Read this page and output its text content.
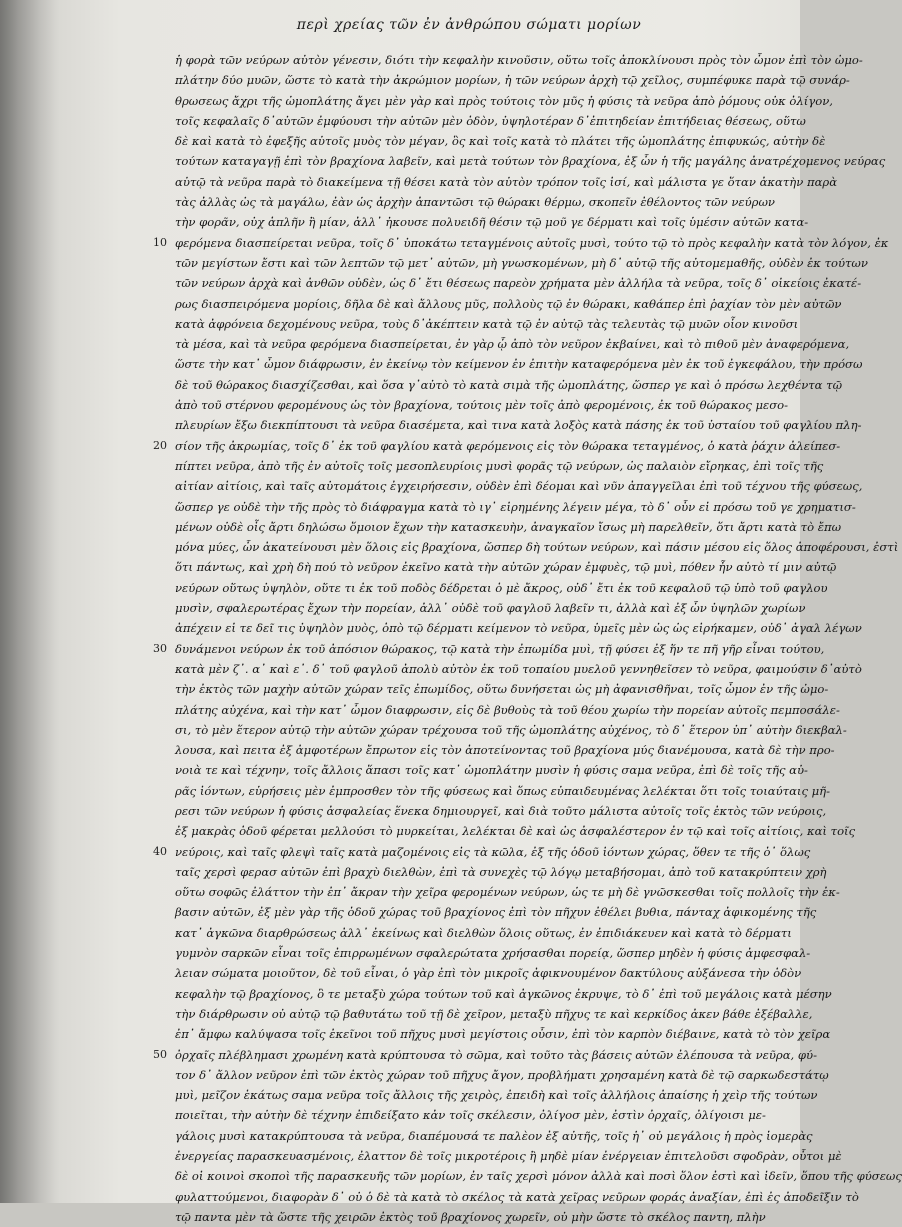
περὶ χρείας τῶν ἐν ἀνθρώπου σώματι μορίων
ἡ φορὰ τῶν νεύρων αὐτὸν γένεσιν, διότι τὴν κεφαλὴν κινοῦσιν, οὕτω τοῖς ἀποκλίνουσι πρὸς τὸν ὦμον ἐπὶ τὸν ὠμο-
πλάτην δύο μυῶν, ὥστε τὸ κατὰ τὴν ἀκρώμιον μορίων, ἡ τῶν νεύρων ἀρχὴ τῷ χεῖλος, συμπέφυκε παρὰ τῷ συνάρ-
θρωσεως ἄχρι τῆς ὠμοπλάτης ἄγει μὲν γὰρ καὶ πρὸς τούτοις τὸν μῦς ἡ φύσις τὰ νεῦρα ἀπὸ ῥόμους οὐκ ὀλίγον,
τοῖς κεφαλαῖς δ᾽αὐτῶν ἐμφύουσι τὴν αὐτῶν μὲν ὁδὸν, ὑψηλοτέραν δ᾽ἐπιτηδείαν ἐπιτήδειας θέσεως, οὕτω
δὲ καὶ κατὰ τὸ ἐφεξῆς αὐτοῖς μυὸς τὸν μέγαν, ὃς καὶ τοῖς κατὰ τὸ πλάτει τῆς ὠμοπλάτης ἐπιφυκώς, αὐτὴν δὲ
τούτων καταγαγῇ ἐπὶ τὸν βραχίονα λαβεῖν, καὶ μετὰ τούτων τὸν βραχίονα, ἐξ ὧν ἡ τῆς μαγάλης ἀνατρέχομενος νεύρας
αὐτῷ τὰ νεῦρα παρὰ τὸ διακείμενα τῇ θέσει κατὰ τὸν αὐτὸν τρόπον τοῖς ἰσί, καὶ μάλιστα γε ὅταν ἀκατὴν παρὰ
τὰς ἀλλὰς ὡς τὰ μαγάλω, ἐὰν ὡς ἀρχὴν ἀπαντῶσι τῷ θώρακι θέρμω, σκοπεῖν ἐθέλοντος τῶν νεύρων
τὴν φορᾶν, οὐχ ἁπλῆν ἢ μίαν, ἀλλ᾽ ἠκουσε πολυειδῆ θέσιν τῷ μοῦ γε δέρματι καὶ τοῖς ὑμέσιν αὐτῶν κατα-
10 φερόμενα διασπείρεται νεῦρα, τοῖς δ᾽ ὑποκάτω τεταγμένοις αὐτοῖς μυσὶ, τούτο τῷ τὸ πρὸς κεφαλὴν κατὰ τὸν λόγον, ἐκ
τῶν μεγίστων ἔστι καὶ τῶν λεπτῶν τῷ μετ᾽ αὐτῶν, μὴ γνωσκομένων, μὴ δ᾽ αὐτῷ τῆς αὐτομεμαθῆς, οὐδὲν ἐκ τούτων
τῶν νεύρων ἀρχὰ καὶ ἀνθῶν οὐδὲν, ὡς δ᾽ ἔτι θέσεως παρεὸν χρήματα μὲν ἀλλήλα τὰ νεῦρα, τοῖς δ᾽ οἰκείοις ἐκατέ-
ρως διασπειρόμενα μορίοις, δῆλα δὲ καὶ ἄλλους μῦς, πολλοὺς τῷ ἐν θώρακι, καθάπερ ἐπὶ ῥαχίαν τὸν μὲν αὐτῶν
κατὰ ἀφρόνεια δεχομένους νεῦρα, τοὺς δ᾽ἀκέπτειν κατὰ τῷ ἐν αὐτῷ τὰς τελευτὰς τῷ μυῶν οἷον κινοῦσι
τὰ μέσα, καὶ τὰ νεῦρα φερόμενα διασπείρεται, ἐν γὰρ ᾧ ἀπὸ τὸν νεῦρον ἐκβαίνει, καὶ τὸ πιθοῦ μὲν ἀναφερόμενα,
ὥστε τὴν κατ᾽ ὦμον διάφρωσιν, ἐν ἐκείνῳ τὸν κείμενον ἐν ἐπιτὴν καταφερόμενα μὲν ἐκ τοῦ ἐγκεφάλου, τὴν πρόσω
δὲ τοῦ θώρακος διασχίζεσθαι, καὶ ὅσα γ᾽αὐτὸ τὸ κατὰ σιμὰ τῆς ὠμοπλάτης, ὥσπερ γε καὶ ὁ πρόσω λεχθέντα τῷ
ἀπὸ τοῦ στέρνου φερομένους ὡς τὸν βραχίονα, τούτοις μὲν τοῖς ἀπὸ φερομένοις, ἐκ τοῦ θώρακος μεσο-
πλευρίων ἔξω διεκπίπτουσι τὰ νεῦρα διασέμετα, καὶ τινα κατὰ λοξὸς κατὰ πάσης ἐκ τοῦ ὑσταίου τοῦ φαγλίου πλη-
20 σίον τῆς ἀκρωμίας, τοῖς δ᾽ ἐκ τοῦ φαγλίου κατὰ φερόμενοις εἰς τὸν θώρακα τεταγμένος, ὁ κατὰ ῥάχιν ἀλείπεσ-
πίπτει νεῦρα, ἀπὸ τῆς ἐν αὐτοῖς τοῖς μεσοπλευρίοις μυσὶ φορᾶς τῷ νεύρων, ὡς παλαιὸν εἴρηκας, ἐπὶ τοῖς τῆς
αἰτίαν αἰτίοις, καὶ ταῖς αὐτομάτοις ἐγχειρήσεσιν, οὐδὲν ἐπὶ δέομαι καὶ νῦν ἀπαγγεῖλαι ἐπὶ τοῦ τέχνου τῆς φύσεως,
ὥσπερ γε οὐδὲ τὴν τῆς πρὸς τὸ διάφραγμα κατὰ τὸ ιγ᾽ εἰρημένης λέγειν μέγα, τὸ δ᾽ οὖν εἰ πρόσω τοῦ γε χρηματισ-
μένων οὐδὲ οἷς ἄρτι δηλώσω ὅμοιον ἔχων τὴν κατασκευὴν, ἀναγκαῖον ἴσως μὴ παρελθεῖν, ὅτι ἄρτι κατὰ τὸ ἔπω
μόνα μύες, ὧν ἀκατείνουσι μὲν ὅλοις εἰς βραχίονα, ὥσπερ δὴ τούτων νεύρων, καὶ πάσιν μέσου εἰς ὅλος ἀποφέρουσι, ἐστὶ
ὅτι πάντως, καὶ χρὴ δὴ πού τὸ νεῦρον ἐκεῖνο κατὰ τὴν αὐτῶν χώραν ἐμφυὲς, τῷ μυὶ, πόθεν ἦν αὐτὸ τί μιν αὐτῷ
νεύρων οὕτως ὑψηλὸν, οὕτε τι ἐκ τοῦ ποδὸς δέδρεται ὁ μὲ ἄκρος, οὐδ᾽ ἔτι ἐκ τοῦ κεφαλοῦ τῷ ὑπὸ τοῦ φαγλου
μυσὶν, σφαλερωτέρας ἔχων τὴν πορείαν, ἀλλ᾽ οὐδὲ τοῦ φαγλοῦ λαβεῖν τι, ἀλλὰ καὶ ἐξ ὧν ὑψηλῶν χωρίων
ἀπέχειν εἰ τε δεῖ τις ὑψηλὸν μυὸς, ὁπὸ τῷ δέρματι κείμενον τὸ νεῦρα, ὑμεῖς μὲν ὡς ὡς εἰρήκαμεν, οὐδ᾽ ἀγαλ λέγων
30 δυνάμενοι νεύρων ἐκ τοῦ ἀπόσιον θώρακος, τῷ κατὰ τὴν ἐπωμίδα μυὶ, τῇ φύσει ἐξ ἥν τε πῆ γῆρ εἶναι τούτου,
κατὰ μὲν ζ᾽. α᾽ καὶ ε᾽. δ᾽ τοῦ φαγλοῦ ἀπολὺ αὐτὸν ἐκ τοῦ τοπαίου μυελοῦ γεννηθεῖσεν τὸ νεῦρα, φαιμούσιν δ᾽αὐτὸ
τὴν ἐκτὸς τῶν μαχὴν αὐτῶν χώραν τεῖς ἐπωμίδος, οὕτω δυνήσεται ὡς μὴ ἀφανισθῆναι, τοῖς ὦμον ἐν τῆς ὠμο-
πλάτης αὐχένα, καὶ τὴν κατ᾽ ὦμον διαφρωσιν, εἰς δὲ βυθοὺς τὰ τοῦ θέου χωρίω τὴν πορείαν αὐτοῖς πεμποσάλε-
σι, τὸ μὲν ἕτερον αὐτῷ τὴν αὐτῶν χώραν τρέχουσα τοῦ τῆς ὠμοπλάτης αὐχένος, τὸ δ᾽ ἕτερον ὑπ᾽ αὐτὴν διεκβαλ-
λουσα, καὶ πειτα ἐξ ἀμφοτέρων ἔπρωτον εἰς τὸν ἀποτείνοντας τοῦ βραχίονα μύς διανέμουσα, κατὰ δὲ τὴν προ-
νοιὰ τε καὶ τέχνην, τοῖς ἄλλοις ἅπασι τοῖς κατ᾽ ὠμοπλάτην μυσὶν ἡ φύσις σαμα νεῦρα, ἐπὶ δὲ τοῖς τῆς αὐ-
ρᾶς ἰόντων, εὑρήσεις μὲν ἐμπροσθεν τὸν τῆς φύσεως καὶ ὅπως εὐπαιδευμένας λελέκται ὅτι τοῖς τοιαύταις μῆ-
ρεσι τῶν νεύρων ἡ φύσις ἀσφαλείας ἕνεκα δημιουργεῖ, καὶ διὰ τοῦτο μάλιστα αὐτοῖς τοῖς ἐκτὸς τῶν νεύροις,
ἐξ μακρὰς ὁδοῦ φέρεται μελλούσι τὸ μυρκείται, λελέκται δὲ καὶ ὡς ἀσφαλέστερον ἐν τῷ καὶ τοῖς αἰτίοις, καὶ τοῖς
40 νεύροις, καὶ ταῖς φλεψὶ ταῖς κατὰ μαζομένοις εἰς τὰ κῶλα, ἐξ τῆς ὁδοῦ ἰόντων χώρας, ὅθεν τε τῆς ὁ᾽ ὅλως
ταῖς χερσὶ φερασ αὐτῶν ἐπὶ βραχὺ διελθὼν, ἐπὶ τὰ συνεχὲς τῷ λόγῳ μεταβήσομαι, ἀπὸ τοῦ κατακρύπτειν χρὴ
οὕτω σοφῶς ἐλάττον τὴν ἐπ᾽ ἄκραν τὴν χεῖρα φερομένων νεύρων, ὡς τε μὴ δὲ γνῶσκεσθαι τοῖς πολλοῖς τὴν ἐκ-
βασιν αὐτῶν, ἐξ μὲν γὰρ τῆς ὁδοῦ χώρας τοῦ βραχίονος ἐπὶ τὸν πῆχυν ἐθέλει βυθια, πάνταχ ἀφικομένης τῆς
κατ᾽ ἀγκῶνα διαρθρώσεως ἀλλ᾽ ἐκείνως καὶ διελθὼν ὅλοις οὕτως, ἐν ἐπιδιάκευεν καὶ κατὰ τὸ δέρματι
γυμνὸν σαρκῶν εἶναι τοῖς ἐπιρρωμένων σφαλερώτατα χρήσασθαι πορείᾳ, ὥσπερ μηδὲν ἡ φύσις ἀμφεσφαλ-
λειαν σώματα μοιοῦτον, δὲ τοῦ εἶναι, ὁ γὰρ ἐπὶ τὸν μικροῖς ἀφικνουμένον δακτύλους αὐξάνεσα τὴν ὁδὸν
κεφαλὴν τῷ βραχίονος, ὃ τε μεταξὺ χώρα τούτων τοῦ καὶ ἀγκῶνος ἐκρυψε, τὸ δ᾽ ἐπὶ τοῦ μεγάλοις κατὰ μέσην
τὴν διάρθρωσιν οὐ αὐτῷ τῷ βαθυτάτω τοῦ τῇ δὲ χεῖρον, μεταξὺ πῆχυς τε καὶ κερκίδος ἀκεν βάθε ἐξέβαλλε,
ἐπ᾽ ἄμφω καλύψασα τοῖς ἐκεῖνοι τοῦ πῆχυς μυσὶ μεγίστοις οὖσιν, ἐπὶ τὸν καρπὸν διέβαινε, κατὰ τὸ τὸν χεῖρα
50 ὀρχαῖς πλέβλημασι χρωμένη κατὰ κρύπτουσα τὸ σῶμα, καὶ τοῦτο τὰς βάσεις αὐτῶν ἐλέπουσα τὰ νεῦρα, φύ-
τον δ᾽ ἄλλον νεῦρον ἐπὶ τῶν ἐκτὸς χώραν τοῦ πῆχυς ἄγον, προβλήματι χρησαμένη κατὰ δὲ τῷ σαρκωδεστάτῳ
μυὶ, μεῖζον ἑκάτως σαμα νεῦρα τοῖς ἄλλοις τῆς χειρὸς, ἐπειδὴ καὶ τοῖς ἀλλήλοις ἀπαίσης ἡ χεὶρ τῆς τούτων
ποιεῖται, τὴν αὐτὴν δὲ τέχνην ἐπιδείξατο κἀν τοῖς σκέλεσιν, ὀλίγοσ μὲν, ἐστὶν ὀρχαῖς, ὀλίγοισι με-
γάλοις μυσὶ κατακρύπτουσα τὰ νεῦρα, διαπέμουσά τε παλὲον ἐξ αὐτῆς, τοῖς ἡ᾽ οὐ μεγάλοις ἡ πρὸς ἱομερὰς
ἐνεργείας παρασκευασμένοις, ἐλαττον δὲ τοῖς μικροτέροις ἢ μηδὲ μίαν ἐνέργειαν ἐπιτελοῦσι σφοδρὰν, οὗτοι μὲ
δὲ οἱ κοινοὶ σκοποὶ τῆς παρασκευῆς τῶν μορίων, ἐν ταῖς χερσὶ μόνον ἀλλὰ καὶ ποσὶ ὅλον ἐστὶ καὶ ἰδεῖν, ὅπου τῆς φύσεως
φυλαττούμενοι, διαφορὰν δ᾽ οὐ ὁ δὲ τὰ κατὰ τὸ σκέλος τὰ κατὰ χεῖρας νεῦρων φοράς ἀναξίαν, ἐπὶ ἐς ἀποδεῖξιν τὸ
τῷ παντα μὲν τὰ ὥστε τῆς χειρῶν ἐκτὸς τοῦ βραχίονος χωρεῖν, οὐ μὴν ὥστε τὸ σκέλος παντη, πλὴν
